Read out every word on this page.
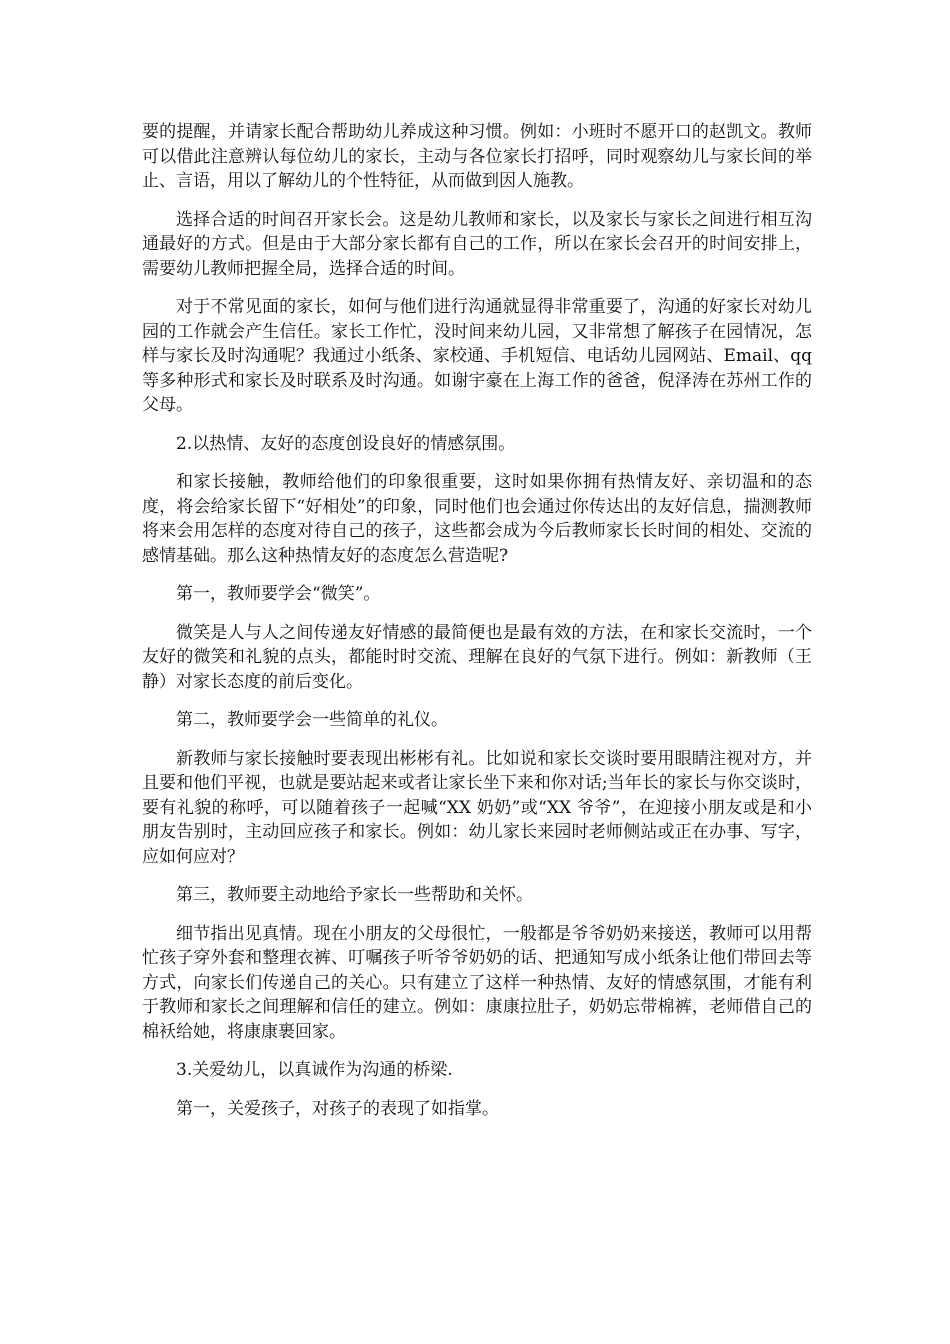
要的提醒，并请家长配合帮助幼儿养成这种习惯。例如：小班时不愿开口的赵凯文。教师可以借此注意辨认每位幼儿的家长，主动与各位家长打招呼，同时观察幼儿与家长间的举止、言语，用以了解幼儿的个性特征，从而做到因人施教。

选择合适的时间召开家长会。这是幼儿教师和家长，以及家长与家长之间进行相互沟通最好的方式。但是由于大部分家长都有自己的工作，所以在家长会召开的时间安排上，需要幼儿教师把握全局，选择合适的时间。

对于不常见面的家长，如何与他们进行沟通就显得非常重要了，沟通的好家长对幼儿园的工作就会产生信任。家长工作忙，没时间来幼儿园，又非常想了解孩子在园情况，怎样与家长及时沟通呢？我通过小纸条、家校通、手机短信、电话幼儿园网站、Email、qq 等多种形式和家长及时联系及时沟通。如谢宇豪在上海工作的爸爸，倪泽涛在苏州工作的父母。

2.以热情、友好的态度创设良好的情感氛围。

和家长接触，教师给他们的印象很重要，这时如果你拥有热情友好、亲切温和的态度，将会给家长留下“好相处”的印象，同时他们也会通过你传达出的友好信息，揣测教师将来会用怎样的态度对待自己的孩子，这些都会成为今后教师家长长时间的相处、交流的感情基础。那么这种热情友好的态度怎么营造呢?

第一，教师要学会“微笑”。

微笑是人与人之间传递友好情感的最简便也是最有效的方法，在和家长交流时，一个友好的微笑和礼貌的点头，都能时时交流、理解在良好的气氛下进行。例如：新教师（王静）对家长态度的前后变化。

第二，教师要学会一些简单的礼仪。

新教师与家长接触时要表现出彬彬有礼。比如说和家长交谈时要用眼睛注视对方，并且要和他们平视，也就是要站起来或者让家长坐下来和你对话;当年长的家长与你交谈时，要有礼貌的称呼，可以随着孩子一起喊“XX 奶奶”或“XX 爷爷”，在迎接小朋友或是和小朋友告别时，主动回应孩子和家长。例如：幼儿家长来园时老师侧站或正在办事、写字，应如何应对？

第三，教师要主动地给予家长一些帮助和关怀。

细节指出见真情。现在小朋友的父母很忙，一般都是爷爷奶奶来接送，教师可以用帮忙孩子穿外套和整理衣裤、叮嘱孩子听爷爷奶奶的话、把通知写成小纸条让他们带回去等方式，向家长们传递自己的关心。只有建立了这样一种热情、友好的情感氛围，才能有利于教师和家长之间理解和信任的建立。例如：康康拉肚子，奶奶忘带棉裤，老师借自己的棉袄给她，将康康裹回家。

3.关爱幼儿，以真诚作为沟通的桥梁.

第一，关爱孩子，对孩子的表现了如指掌。
